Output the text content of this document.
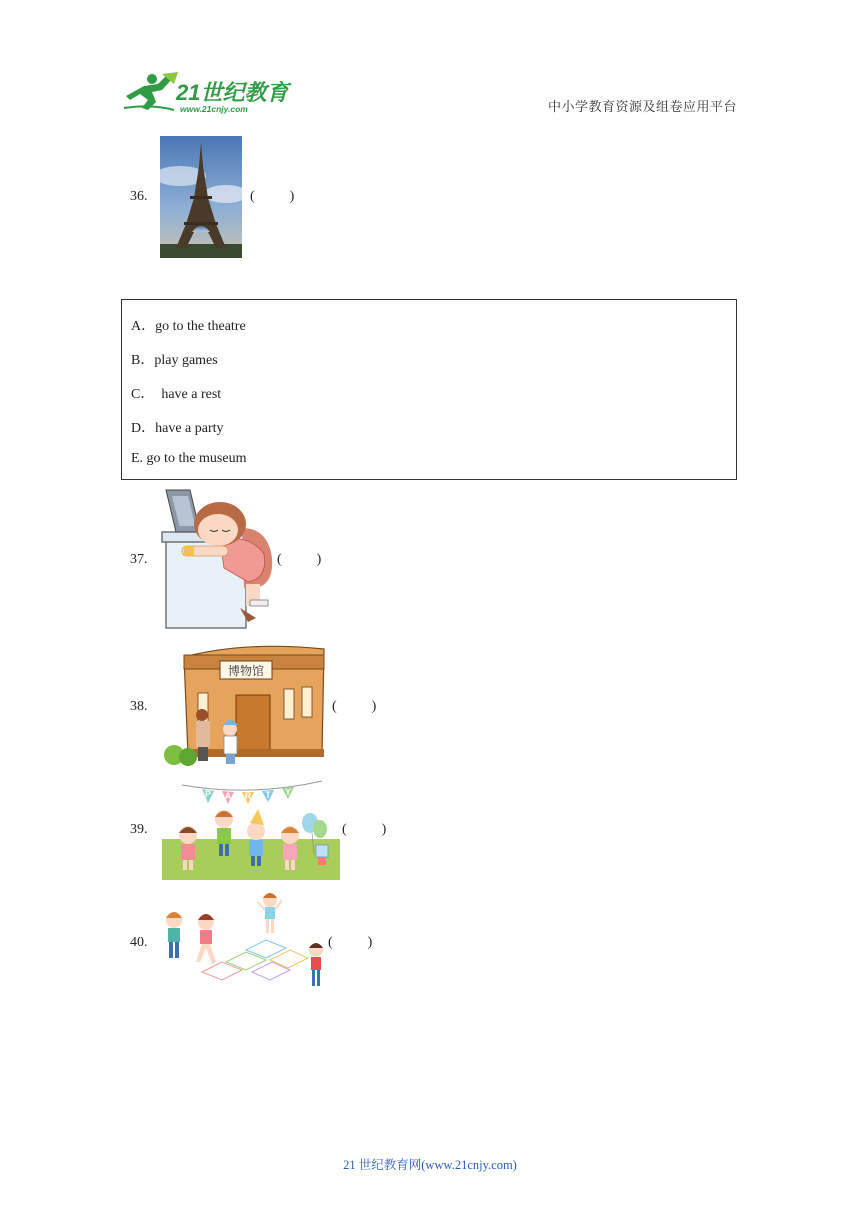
21世纪教育
www.21cnjy.com	中小学教育资源及组卷应用平台
36.	(          )
A．go to the theatre
B．play games
C．  have a rest
D．have a party
E. go to the museum
37.	(          )
38.
博物馆
(          )
39.
P A R T Y
(          )
40.	(          )
21 世纪教育网(www.21cnjy.com)
